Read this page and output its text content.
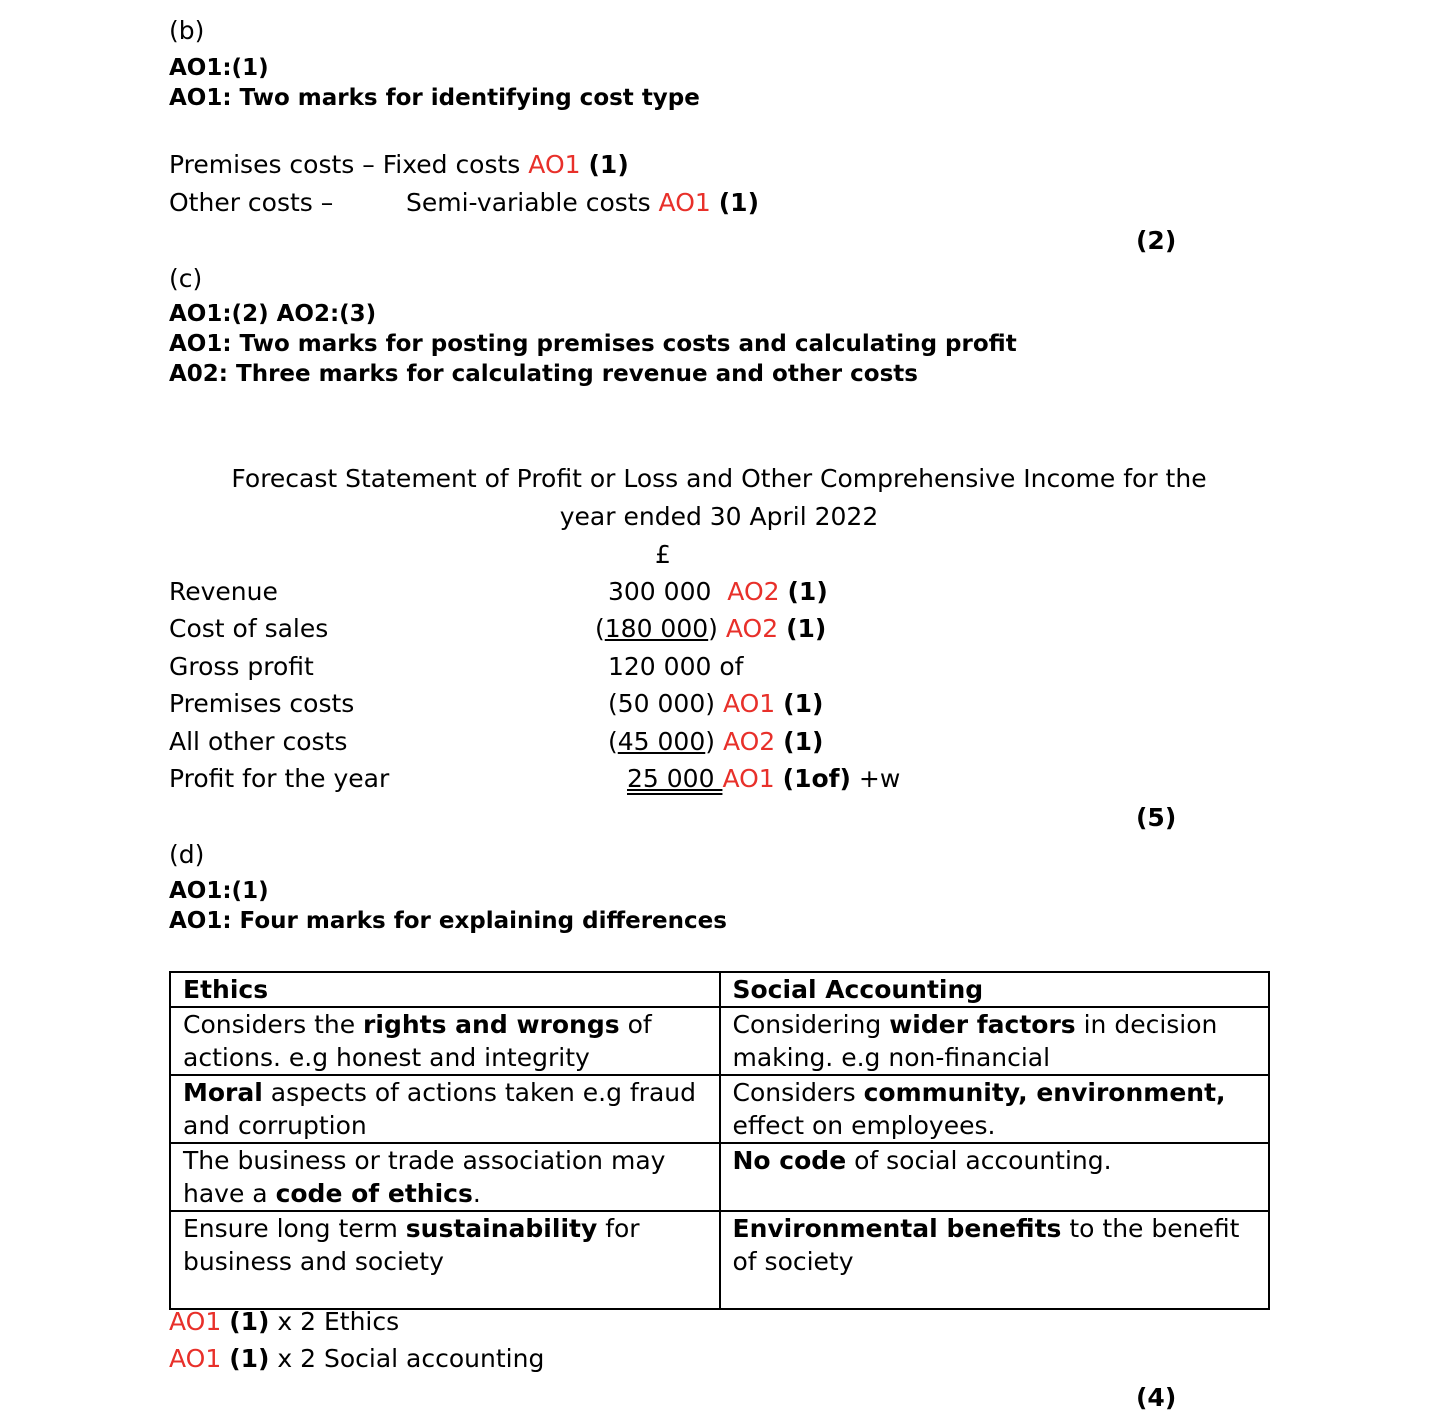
(b)
AO1:(1)
AO1: Two marks for identifying cost type
Premises costs – Fixed costs AO1 (1)
Other costs –	Semi-variable costs AO1 (1)
(2)
(c)
AO1:(2) AO2:(3)
AO1: Two marks for posting premises costs and calculating profit
A02: Three marks for calculating revenue and other costs
Forecast Statement of Profit or Loss and Other Comprehensive Income for the
year ended 30 April 2022
£
Revenue	300 000 AO2 (1)
Cost of sales	(180 000) AO2 (1)
Gross profit	120 000 of
Premises costs	(50 000) AO1 (1)
All other costs	(45 000) AO2 (1)
Profit for the year	25 000 AO1 (1of) +w
(5)
(d)
AO1:(1)
AO1: Four marks for explaining differences
Ethics	Social Accounting
Considers the rights and wrongs of actions. e.g honest and integrity	Considering wider factors in decision making. e.g non-financial
Moral aspects of actions taken e.g fraud and corruption	Considers community, environment, effect on employees.
The business or trade association may have a code of ethics.	No code of social accounting.
Ensure long term sustainability for business and society	Environmental benefits to the benefit of society
AO1 (1) x 2 Ethics
AO1 (1) x 2 Social accounting
(4)
